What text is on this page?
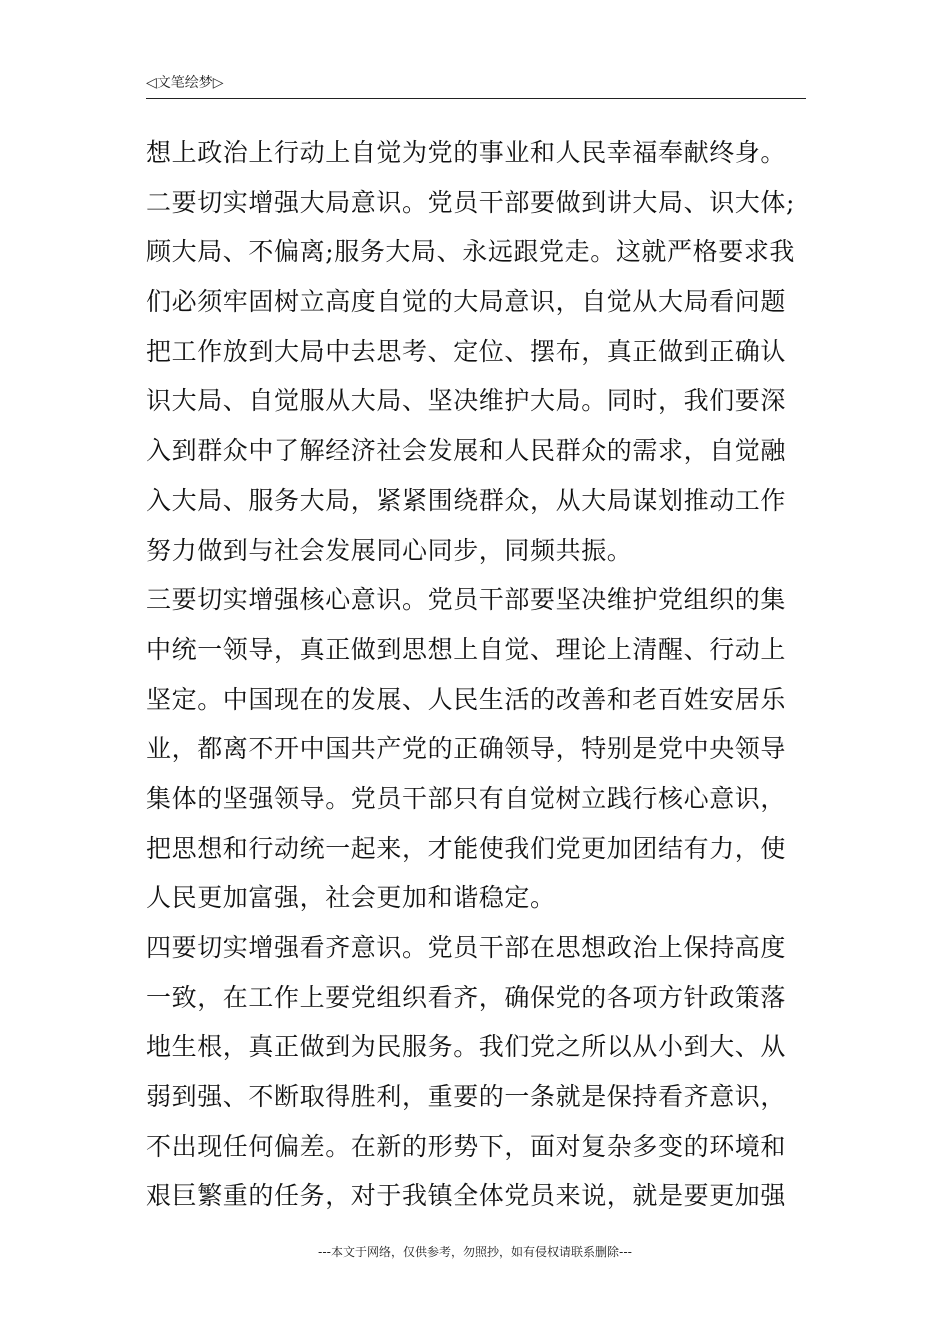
◁文笔绘梦▷
想上政治上行动上自觉为党的事业和人民幸福奉献终身。
二要切实增强大局意识。党员干部要做到讲大局、识大体;
顾大局、不偏离;服务大局、永远跟党走。这就严格要求我
们必须牢固树立高度自觉的大局意识，自觉从大局看问题
把工作放到大局中去思考、定位、摆布，真正做到正确认
识大局、自觉服从大局、坚决维护大局。同时，我们要深
入到群众中了解经济社会发展和人民群众的需求，自觉融
入大局、服务大局，紧紧围绕群众，从大局谋划推动工作
努力做到与社会发展同心同步，同频共振。
三要切实增强核心意识。党员干部要坚决维护党组织的集
中统一领导，真正做到思想上自觉、理论上清醒、行动上
坚定。中国现在的发展、人民生活的改善和老百姓安居乐
业，都离不开中国共产党的正确领导，特别是党中央领导
集体的坚强领导。党员干部只有自觉树立践行核心意识，
把思想和行动统一起来，才能使我们党更加团结有力，使
人民更加富强，社会更加和谐稳定。
四要切实增强看齐意识。党员干部在思想政治上保持高度
一致，在工作上要党组织看齐，确保党的各项方针政策落
地生根，真正做到为民服务。我们党之所以从小到大、从
弱到强、不断取得胜利，重要的一条就是保持看齐意识，
不出现任何偏差。在新的形势下，面对复杂多变的环境和
艰巨繁重的任务，对于我镇全体党员来说，就是要更加强
---本文于网络，仅供参考，勿照抄，如有侵权请联系删除---
